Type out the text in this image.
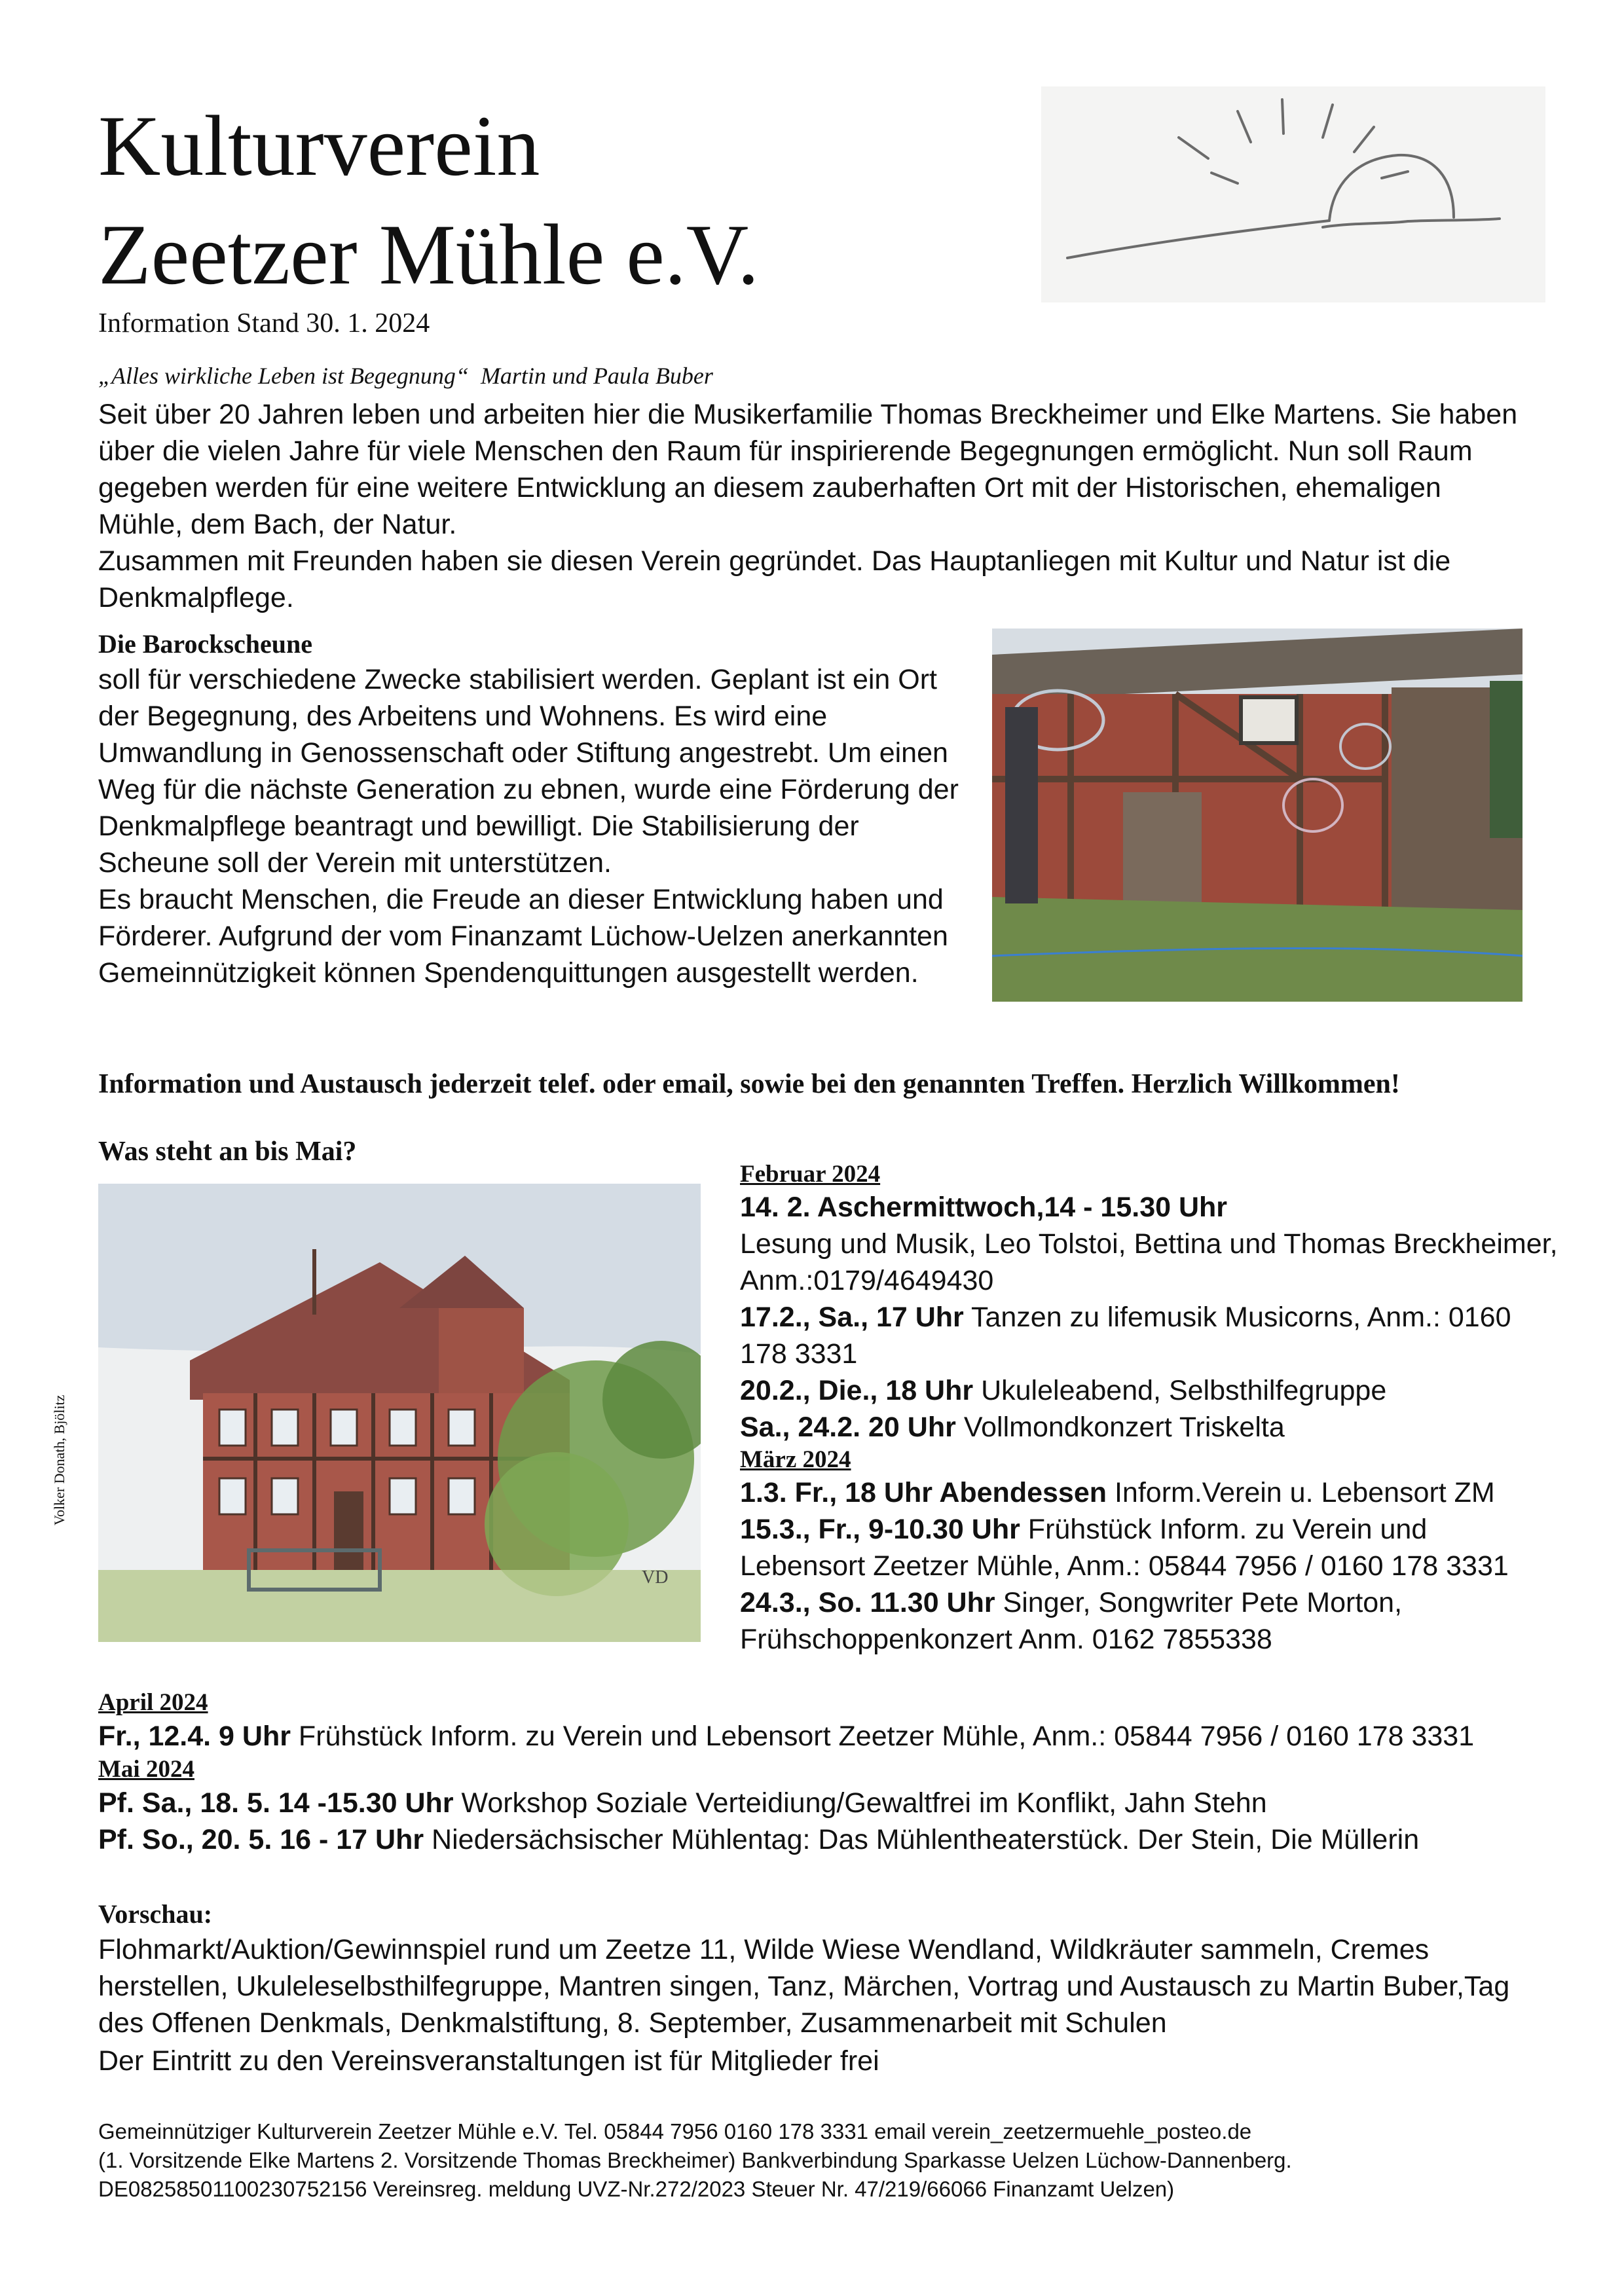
Kulturverein
Zeetzer Mühle e.V.
Information Stand 30. 1. 2024
„Alles wirkliche Leben ist Begegnung“ Martin und Paula Buber

Seit über 20 Jahren leben und arbeiten hier die Musikerfamilie Thomas Breckheimer und Elke Martens. Sie haben über die vielen Jahre für viele Menschen den Raum für inspirierende Begegnungen ermöglicht. Nun soll Raum gegeben werden für eine weitere Entwicklung an diesem zauberhaften Ort mit der Historischen, ehemaligen Mühle, dem Bach, der Natur.

Zusammen mit Freunden haben sie diesen Verein gegründet. Das Hauptanliegen mit Kultur und Natur ist die Denkmalpflege.

Die Barockscheune

soll für verschiedene Zwecke stabilisiert werden. Geplant ist ein Ort der Begegnung, des Arbeitens und Wohnens. Es wird eine Umwandlung in Genossenschaft oder Stiftung angestrebt. Um einen Weg für die nächste Generation zu ebnen, wurde eine Förderung der Denkmalpflege beantragt und bewilligt. Die Stabilisierung der Scheune soll der Verein mit unterstützen.

Es braucht Menschen, die Freude an dieser Entwicklung haben und Förderer. Aufgrund der vom Finanzamt Lüchow-Uelzen anerkannten Gemeinnützigkeit können Spendenquittungen ausgestellt werden.

Information und Austausch jederzeit telef. oder email, sowie bei den genannten Treffen. Herzlich Willkommen!
Was steht an bis Mai?
VD
Volker Donath, Bjölitz
Februar 2024

14. 2. Aschermittwoch,14 - 15.30 Uhr
Lesung und Musik, Leo Tolstoi, Bettina und Thomas Breckheimer, Anm.:0179/4649430

17.2., Sa., 17 Uhr Tanzen zu lifemusik Musicorns, Anm.: 0160 178 3331

20.2., Die., 18 Uhr Ukuleleabend, Selbsthilfegruppe

Sa., 24.2. 20 Uhr Vollmondkonzert Triskelta

März 2024

1.3. Fr., 18 Uhr Abendessen Inform.Verein u. Lebensort ZM

15.3., Fr., 9-10.30 Uhr Frühstück Inform. zu Verein und Lebensort Zeetzer Mühle, Anm.: 05844 7956 / 0160 178 3331

24.3., So. 11.30 Uhr Singer, Songwriter Pete Morton, Frühschoppenkonzert Anm. 0162 7855338

April 2024

Fr., 12.4. 9 Uhr Frühstück Inform. zu Verein und Lebensort Zeetzer Mühle, Anm.: 05844 7956 / 0160 178 3331

Mai 2024

Pf. Sa., 18. 5. 14 -15.30 Uhr Workshop Soziale Verteidiung/Gewaltfrei im Konflikt, Jahn Stehn

Pf. So., 20. 5. 16 - 17 Uhr Niedersächsischer Mühlentag: Das Mühlentheaterstück. Der Stein, Die Müllerin

Vorschau:
Flohmarkt/Auktion/Gewinnspiel rund um Zeetze 11, Wilde Wiese Wendland, Wildkräuter sammeln, Cremes herstellen, Ukuleleselbsthilfegruppe, Mantren singen, Tanz, Märchen, Vortrag und Austausch zu Martin Buber,Tag des Offenen Denkmals, Denkmalstiftung, 8. September, Zusammenarbeit mit Schulen
Der Eintritt zu den Vereinsveranstaltungen ist für Mitglieder frei

Gemeinnütziger Kulturverein Zeetzer Mühle e.V. Tel. 05844 7956 0160 178 3331 email verein_zeetzermuehle_posteo.de

(1. Vorsitzende Elke Martens 2. Vorsitzende Thomas Breckheimer) Bankverbindung Sparkasse Uelzen Lüchow-Dannenberg.

DE08258501100230752156 Vereinsreg. meldung UVZ-Nr.272/2023 Steuer Nr. 47/219/66066 Finanzamt Uelzen)
